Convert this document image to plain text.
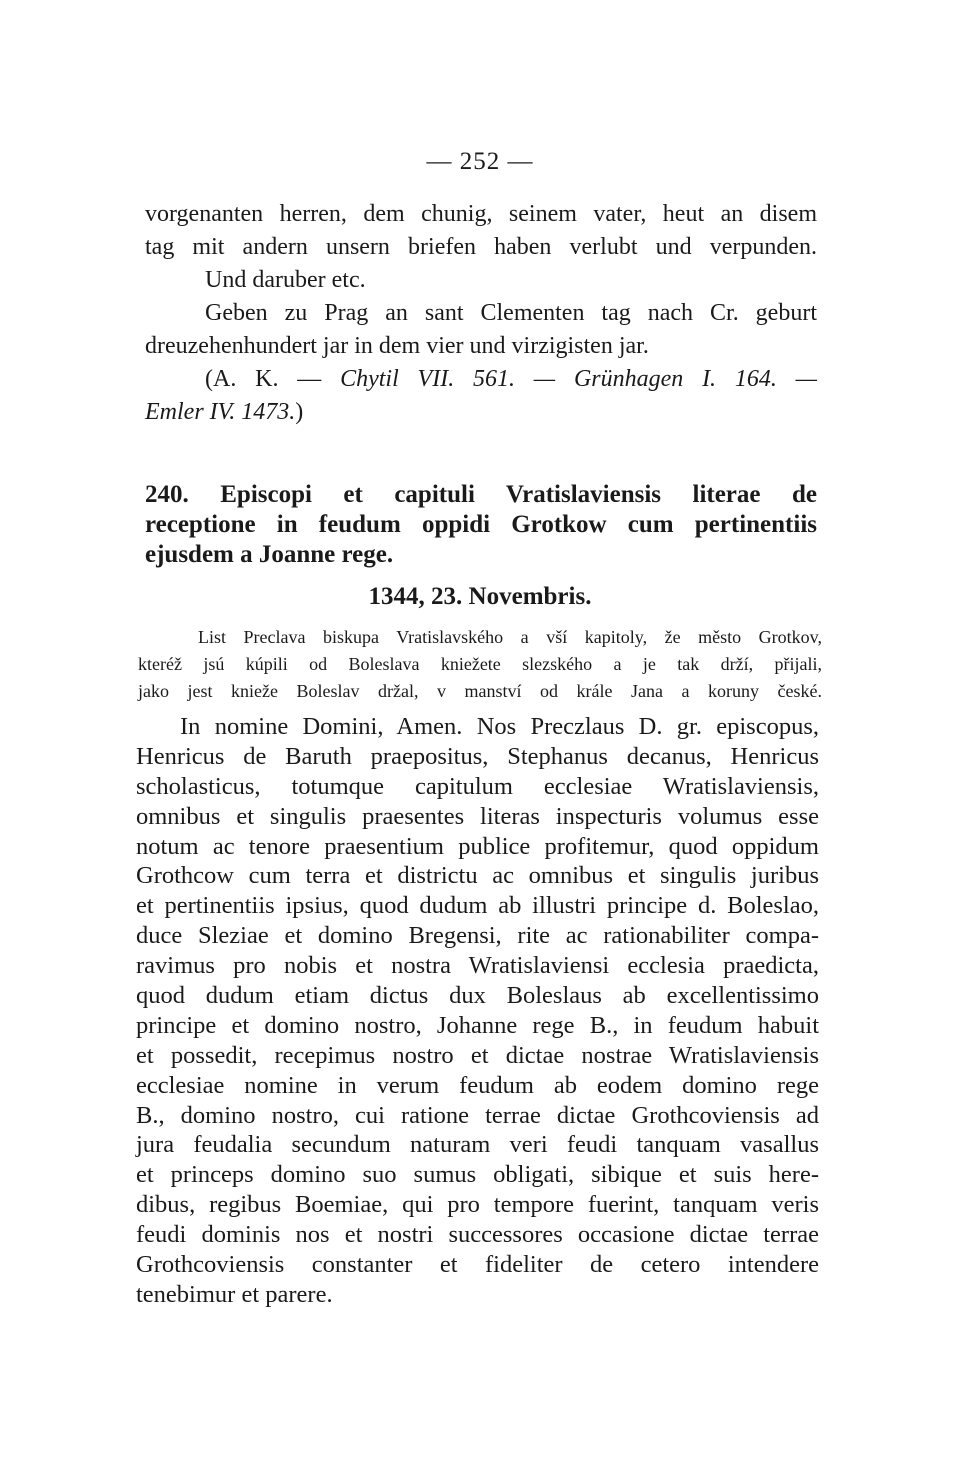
— 252 —
vorgenanten herren, dem chunig, seinem vater, heut an disem
tag mit andern unsern briefen haben verlubt und verpunden.
Und daruber etc.
Geben zu Prag an sant Clementen tag nach Cr. geburt
dreuzehenhundert jar in dem vier und virzigisten jar.
(A. K. — Chytil VII. 561. — Grünhagen I. 164. —
Emler IV. 1473.)
240. Episcopi et capituli Vratislaviensis literae de
receptione in feudum oppidi Grotkow cum pertinentiis
ejusdem a Joanne rege.
1344, 23. Novembris.
List Preclava biskupa Vratislavského a vší kapitoly, že město Grotkov,
kteréž jsú kúpili od Boleslava kniežete slezského a je tak drží, přijali,
jako jest knieže Boleslav držal, v manství od krále Jana a koruny české.
In nomine Domini, Amen. Nos Preczlaus D. gr. episcopus,
Henricus de Baruth praepositus, Stephanus decanus, Henricus
scholasticus, totumque capitulum ecclesiae Wratislaviensis,
omnibus et singulis praesentes literas inspecturis volumus esse
notum ac tenore praesentium publice profitemur, quod oppidum
Grothcow cum terra et districtu ac omnibus et singulis juribus
et pertinentiis ipsius, quod dudum ab illustri principe d. Boleslao,
duce Sleziae et domino Bregensi, rite ac rationabiliter compa-
ravimus pro nobis et nostra Wratislaviensi ecclesia praedicta,
quod dudum etiam dictus dux Boleslaus ab excellentissimo
principe et domino nostro, Johanne rege B., in feudum habuit
et possedit, recepimus nostro et dictae nostrae Wratislaviensis
ecclesiae nomine in verum feudum ab eodem domino rege
B., domino nostro, cui ratione terrae dictae Grothcoviensis ad
jura feudalia secundum naturam veri feudi tanquam vasallus
et princeps domino suo sumus obligati, sibique et suis here-
dibus, regibus Boemiae, qui pro tempore fuerint, tanquam veris
feudi dominis nos et nostri successores occasione dictae terrae
Grothcoviensis constanter et fideliter de cetero intendere
tenebimur et parere.
